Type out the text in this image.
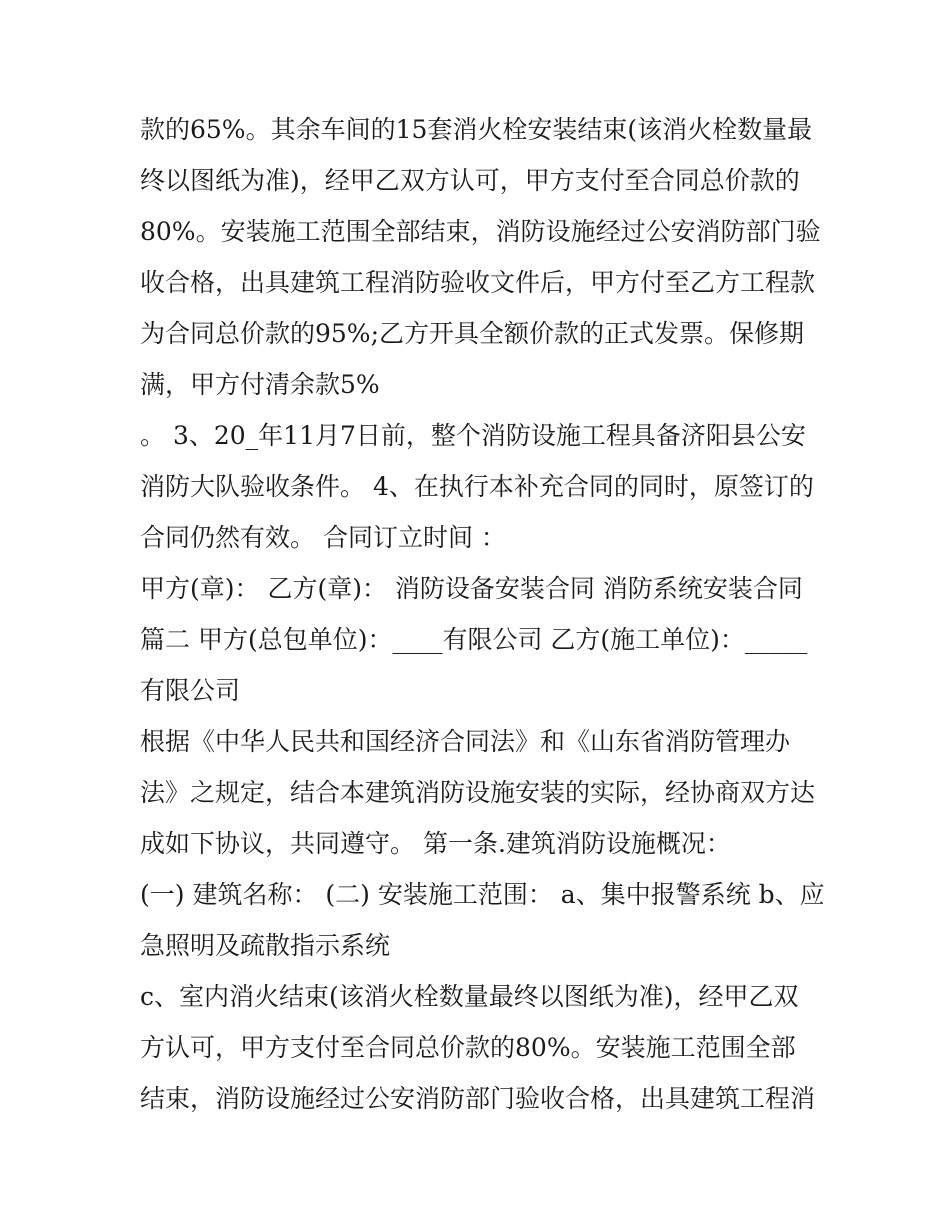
款的65%。其余车间的15套消火栓安装结束(该消火栓数量最
终以图纸为准)，经甲乙双方认可，甲方支付至合同总价款的
80%。安装施工范围全部结束，消防设施经过公安消防部门验
收合格，出具建筑工程消防验收文件后，甲方付至乙方工程款
为合同总价款的95%;乙方开具全额价款的正式发票。保修期
满，甲方付清余款5%
。 3、20_年11月7日前，整个消防设施工程具备济阳县公安
消防大队验收条件。 4、在执行本补充合同的同时，原签订的
合同仍然有效。 合同订立时间 ：
甲方(章)： 乙方(章)： 消防设备安装合同 消防系统安装合同
篇二 甲方(总包单位)：____有限公司 乙方(施工单位)：_____
有限公司
根据《中华人民共和国经济合同法》和《山东省消防管理办
法》之规定，结合本建筑消防设施安装的实际，经协商双方达
成如下协议，共同遵守。 第一条.建筑消防设施概况：
(一) 建筑名称： (二) 安装施工范围： a、集中报警系统 b、应
急照明及疏散指示系统
c、室内消火结束(该消火栓数量最终以图纸为准)，经甲乙双
方认可，甲方支付至合同总价款的80%。安装施工范围全部
结束，消防设施经过公安消防部门验收合格，出具建筑工程消
